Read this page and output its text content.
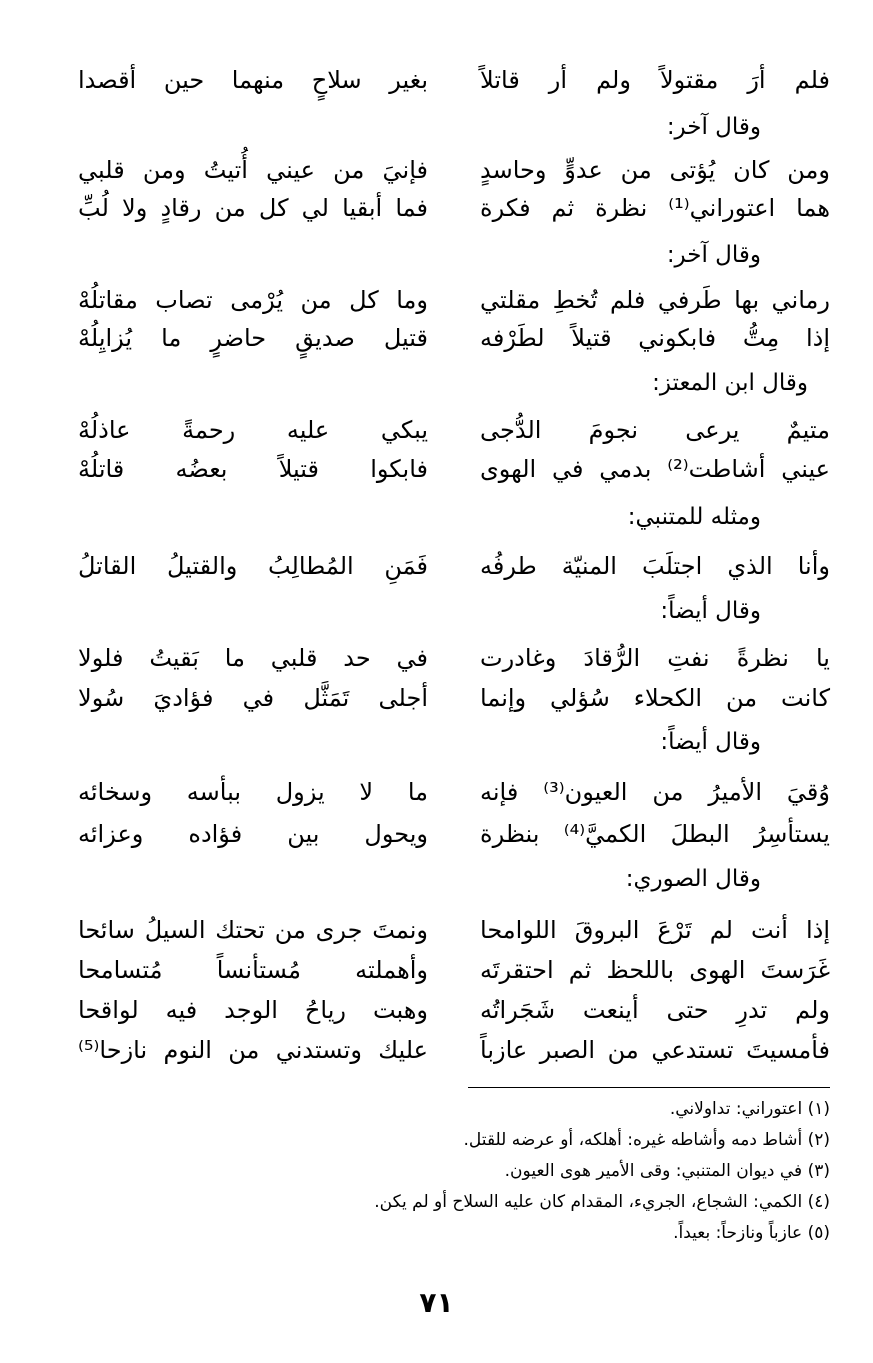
فلم أرَ مقتولاً ولم أر قاتلاً
بغير سلاحٍ منهما حين أقصدا
وقال آخر:
ومن كان يُؤتى من عدوٍّ وحاسدٍ
فإنيَ من عيني أُتيتُ ومن قلبي
هما اعتوراني⁽¹⁾ نظرة ثم فكرة
فما أبقيا لي كل من رقادٍ ولا لُبِّ
وقال آخر:
رماني بها طَرفي فلم تُخطِ مقلتي
وما كل من يُرْمى تصاب مقاتلُهْ
إذا مِتُّ فابكوني قتيلاً لطَرْفه
قتيل صديقٍ حاضرٍ ما يُزايِلُهْ
وقال ابن المعتز:
متيمٌ يرعى نجومَ الدُّجى
يبكي عليه رحمةً عاذلُهْ
عيني أشاطت⁽²⁾ بدمي في الهوى
فابكوا قتيلاً بعضُه قاتلُهْ
ومثله للمتنبي:
وأنا الذي اجتلَبَ المنيّة طرفُه
فَمَنِ المُطالِبُ والقتيلُ القاتلُ
وقال أيضاً:
يا نظرةً نفتِ الرُّقادَ وغادرت
في حد قلبي ما بَقيتُ فلولا
كانت من الكحلاء سُؤلي وإنما
أجلى تَمَثَّل في فؤاديَ سُولا
وقال أيضاً:
وُقيَ الأميرُ من العيون⁽³⁾ فإنه
ما لا يزول ببأسه وسخائه
يستأسِرُ البطلَ الكميَّ⁽⁴⁾ بنظرة
ويحول بين فؤاده وعزائه
وقال الصوري:
إذا أنت لم تَرْعَ البروقَ اللوامحا
ونمتَ جرى من تحتك السيلُ سائحا
غَرَستَ الهوى باللحظ ثم احتقرتَه
وأهملته مُستأنساً مُتسامحا
ولم تدرِ حتى أينعت شَجَراتُه
وهبت رياحُ الوجد فيه لواقحا
فأمسيتَ تستدعي من الصبر عازباً
عليك وتستدني من النوم نازحا⁽⁵⁾
(١) اعتوراني: تداولاني.
(٢) أشاط دمه وأشاطه غيره: أهلكه، أو عرضه للقتل.
(٣) في ديوان المتنبي: وقى الأمير هوى العيون.
(٤) الكمي: الشجاع، الجريء، المقدام كان عليه السلاح أو لم يكن.
(٥) عازباً ونازحاً: بعيداً.
٧١
